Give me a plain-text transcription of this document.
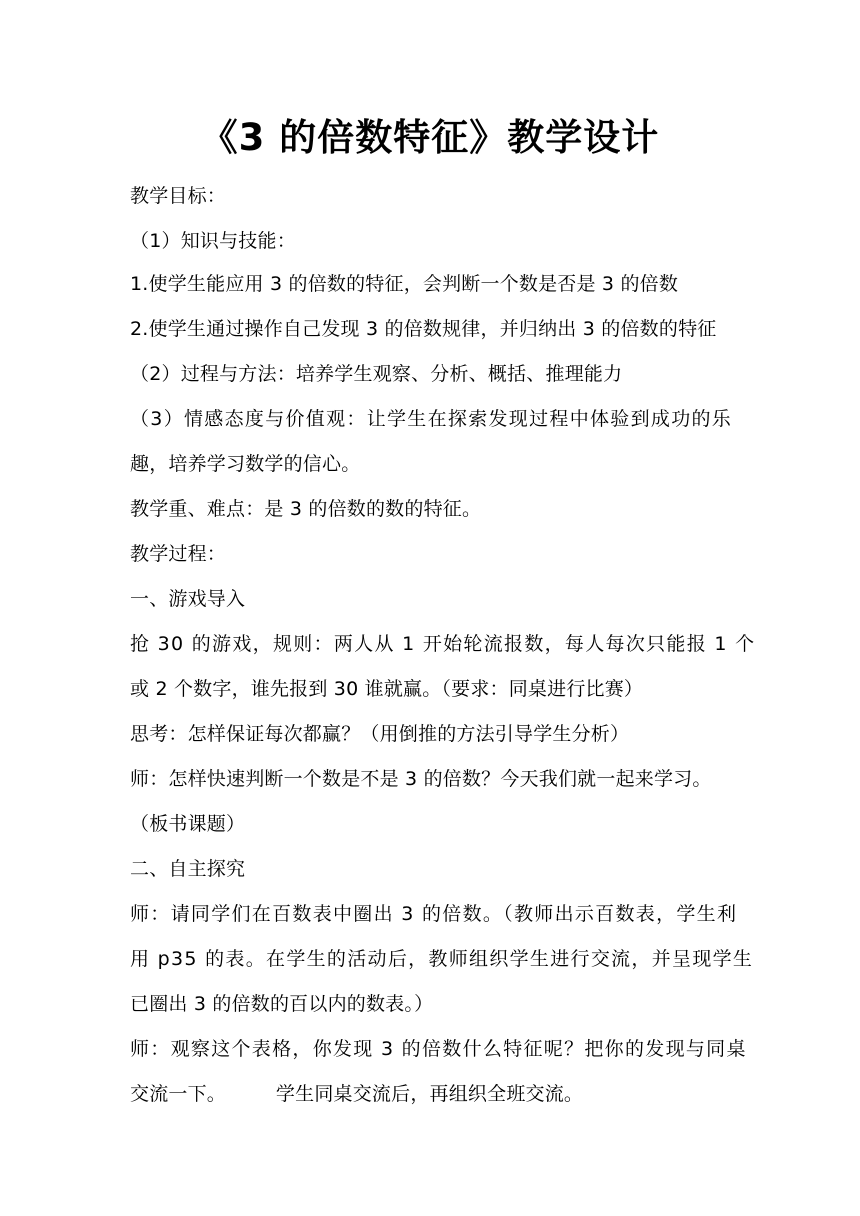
《3 的倍数特征》教学设计
教学目标：
（1）知识与技能：
1.使学生能应用 3 的倍数的特征，会判断一个数是否是 3 的倍数
2.使学生通过操作自己发现 3 的倍数规律，并归纳出 3 的倍数的特征
（2）过程与方法：培养学生观察、分析、概括、推理能力
（3）情感态度与价值观：让学生在探索发现过程中体验到成功的乐
趣，培养学习数学的信心。
教学重、难点：是 3 的倍数的数的特征。
教学过程：
一、游戏导入
抢 30 的游戏，规则：两人从 1 开始轮流报数，每人每次只能报 1 个
或 2 个数字，谁先报到 30 谁就赢。（要求：同桌进行比赛）
思考：怎样保证每次都赢？（用倒推的方法引导学生分析）
师：怎样快速判断一个数是不是 3 的倍数？今天我们就一起来学习。
（板书课题）
二、自主探究
师：请同学们在百数表中圈出 3 的倍数。（教师出示百数表，学生利
用 p35 的表。在学生的活动后，教师组织学生进行交流，并呈现学生
已圈出 3 的倍数的百以内的数表。）
师：观察这个表格，你发现 3 的倍数什么特征呢？把你的发现与同桌
交流一下。        学生同桌交流后，再组织全班交流。
